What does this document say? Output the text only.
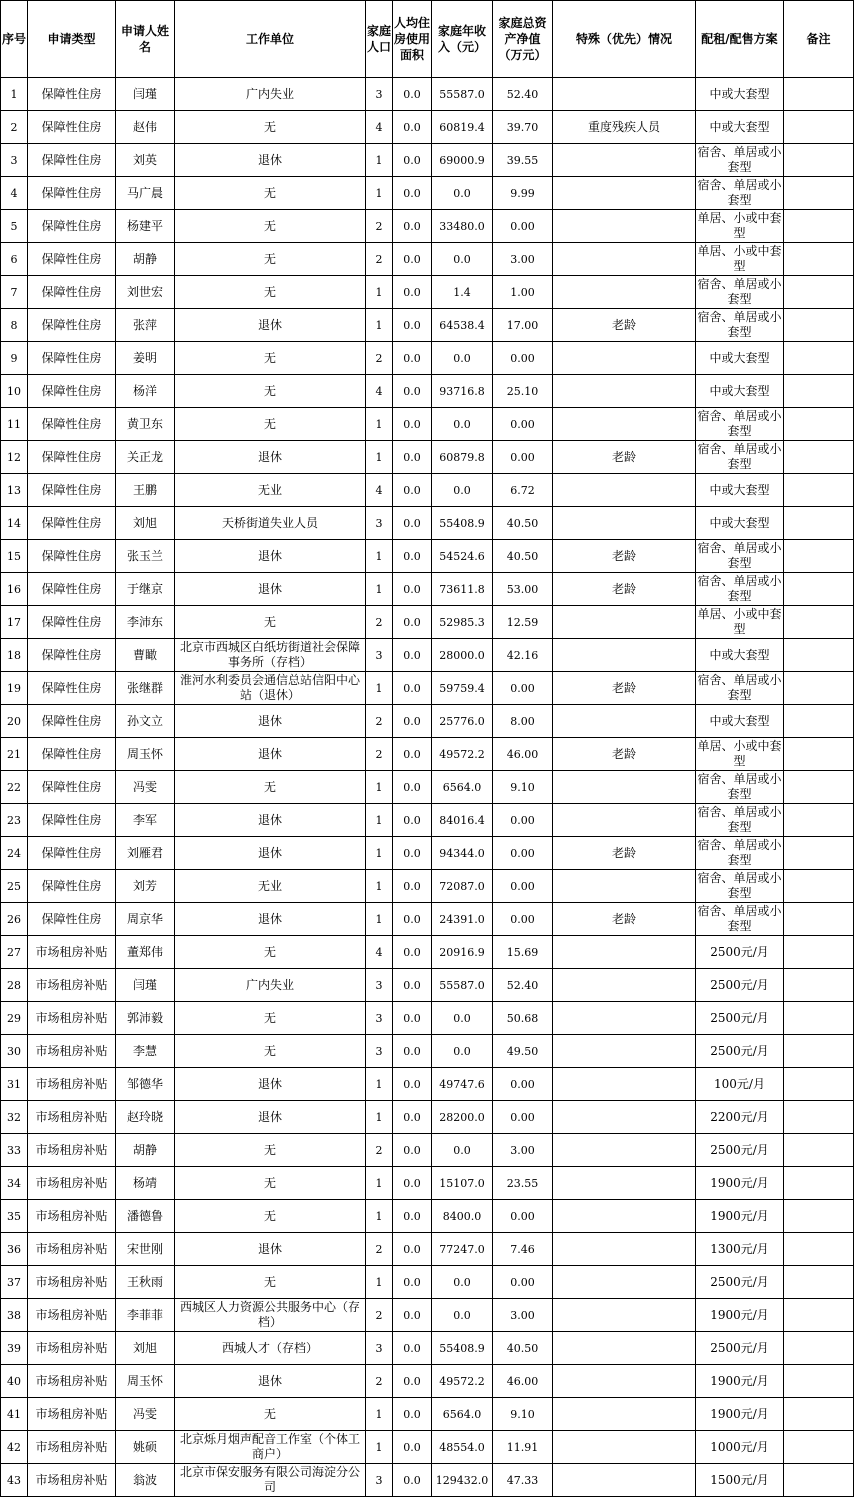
序号	申请类型	申请人姓名	工作单位	家庭人口	人均住房使用面积	家庭年收入（元）	家庭总资产净值（万元）	特殊（优先）情况	配租/配售方案	备注
1	保障性住房	闫瑾	广内失业	3	0.0	55587.0	52.40		中或大套型	
2	保障性住房	赵伟	无	4	0.0	60819.4	39.70	重度残疾人员	中或大套型	
3	保障性住房	刘英	退休	1	0.0	69000.9	39.55		宿舍、单居或小套型	
4	保障性住房	马广晨	无	1	0.0	0.0	9.99		宿舍、单居或小套型	
5	保障性住房	杨建平	无	2	0.0	33480.0	0.00		单居、小或中套型	
6	保障性住房	胡静	无	2	0.0	0.0	3.00		单居、小或中套型	
7	保障性住房	刘世宏	无	1	0.0	1.4	1.00		宿舍、单居或小套型	
8	保障性住房	张萍	退休	1	0.0	64538.4	17.00	老龄	宿舍、单居或小套型	
9	保障性住房	姜明	无	2	0.0	0.0	0.00		中或大套型	
10	保障性住房	杨洋	无	4	0.0	93716.8	25.10		中或大套型	
11	保障性住房	黄卫东	无	1	0.0	0.0	0.00		宿舍、单居或小套型	
12	保障性住房	关正龙	退休	1	0.0	60879.8	0.00	老龄	宿舍、单居或小套型	
13	保障性住房	王鹏	无业	4	0.0	0.0	6.72		中或大套型	
14	保障性住房	刘旭	天桥街道失业人员	3	0.0	55408.9	40.50		中或大套型	
15	保障性住房	张玉兰	退休	1	0.0	54524.6	40.50	老龄	宿舍、单居或小套型	
16	保障性住房	于继京	退休	1	0.0	73611.8	53.00	老龄	宿舍、单居或小套型	
17	保障性住房	李沛东	无	2	0.0	52985.3	12.59		单居、小或中套型	
18	保障性住房	曹瞰	北京市西城区白纸坊街道社会保障事务所（存档）	3	0.0	28000.0	42.16		中或大套型	
19	保障性住房	张继群	淮河水利委员会通信总站信阳中心站（退休）	1	0.0	59759.4	0.00	老龄	宿舍、单居或小套型	
20	保障性住房	孙文立	退休	2	0.0	25776.0	8.00		中或大套型	
21	保障性住房	周玉怀	退休	2	0.0	49572.2	46.00	老龄	单居、小或中套型	
22	保障性住房	冯雯	无	1	0.0	6564.0	9.10		宿舍、单居或小套型	
23	保障性住房	李军	退休	1	0.0	84016.4	0.00		宿舍、单居或小套型	
24	保障性住房	刘雁君	退休	1	0.0	94344.0	0.00	老龄	宿舍、单居或小套型	
25	保障性住房	刘芳	无业	1	0.0	72087.0	0.00		宿舍、单居或小套型	
26	保障性住房	周京华	退休	1	0.0	24391.0	0.00	老龄	宿舍、单居或小套型	
27	市场租房补贴	董郑伟	无	4	0.0	20916.9	15.69		2500元/月	
28	市场租房补贴	闫瑾	广内失业	3	0.0	55587.0	52.40		2500元/月	
29	市场租房补贴	郭沛毅	无	3	0.0	0.0	50.68		2500元/月	
30	市场租房补贴	李慧	无	3	0.0	0.0	49.50		2500元/月	
31	市场租房补贴	邹德华	退休	1	0.0	49747.6	0.00		100元/月	
32	市场租房补贴	赵玲晓	退休	1	0.0	28200.0	0.00		2200元/月	
33	市场租房补贴	胡静	无	2	0.0	0.0	3.00		2500元/月	
34	市场租房补贴	杨靖	无	1	0.0	15107.0	23.55		1900元/月	
35	市场租房补贴	潘德鲁	无	1	0.0	8400.0	0.00		1900元/月	
36	市场租房补贴	宋世刚	退休	2	0.0	77247.0	7.46		1300元/月	
37	市场租房补贴	王秋雨	无	1	0.0	0.0	0.00		2500元/月	
38	市场租房补贴	李菲菲	西城区人力资源公共服务中心（存档）	2	0.0	0.0	3.00		1900元/月	
39	市场租房补贴	刘旭	西城人才（存档）	3	0.0	55408.9	40.50		2500元/月	
40	市场租房补贴	周玉怀	退休	2	0.0	49572.2	46.00		1900元/月	
41	市场租房补贴	冯雯	无	1	0.0	6564.0	9.10		1900元/月	
42	市场租房补贴	姚硕	北京烁月烟声配音工作室（个体工商户）	1	0.0	48554.0	11.91		1000元/月	
43	市场租房补贴	翁波	北京市保安服务有限公司海淀分公司	3	0.0	129432.0	47.33		1500元/月	
